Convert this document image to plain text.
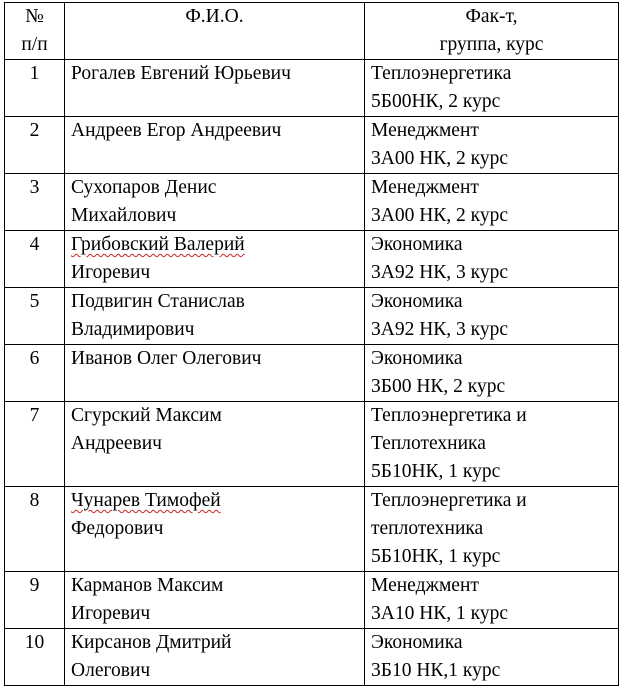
№
п/п	Ф.И.О.	Фак-т,
группа, курс

1	Рогалев Евгений Юрьевич	Теплоэнергетика
5Б00НК, 2 курс

2	Андреев Егор Андреевич	Менеджмент
3А00 НК, 2 курс

3	Сухопаров Денис
Михайлович	Менеджмент
3А00 НК, 2 курс

4	Грибовский Валерий
Игоревич	Экономика
3А92 НК, 3 курс

5	Подвигин Станислав
Владимирович	Экономика
3А92 НК, 3 курс

6	Иванов Олег Олегович	Экономика
3Б00 НК, 2 курс

7	Сгурский Максим
Андреевич	Теплоэнергетика и
Теплотехника
5Б10НК, 1 курс

8	Чунарев Тимофей
Федорович	Теплоэнергетика и
теплотехника
5Б10НК, 1 курс

9	Карманов Максим
Игоревич	Менеджмент
3А10 НК, 1 курс

10	Кирсанов Дмитрий
Олегович	Экономика
3Б10 НК,1 курс
